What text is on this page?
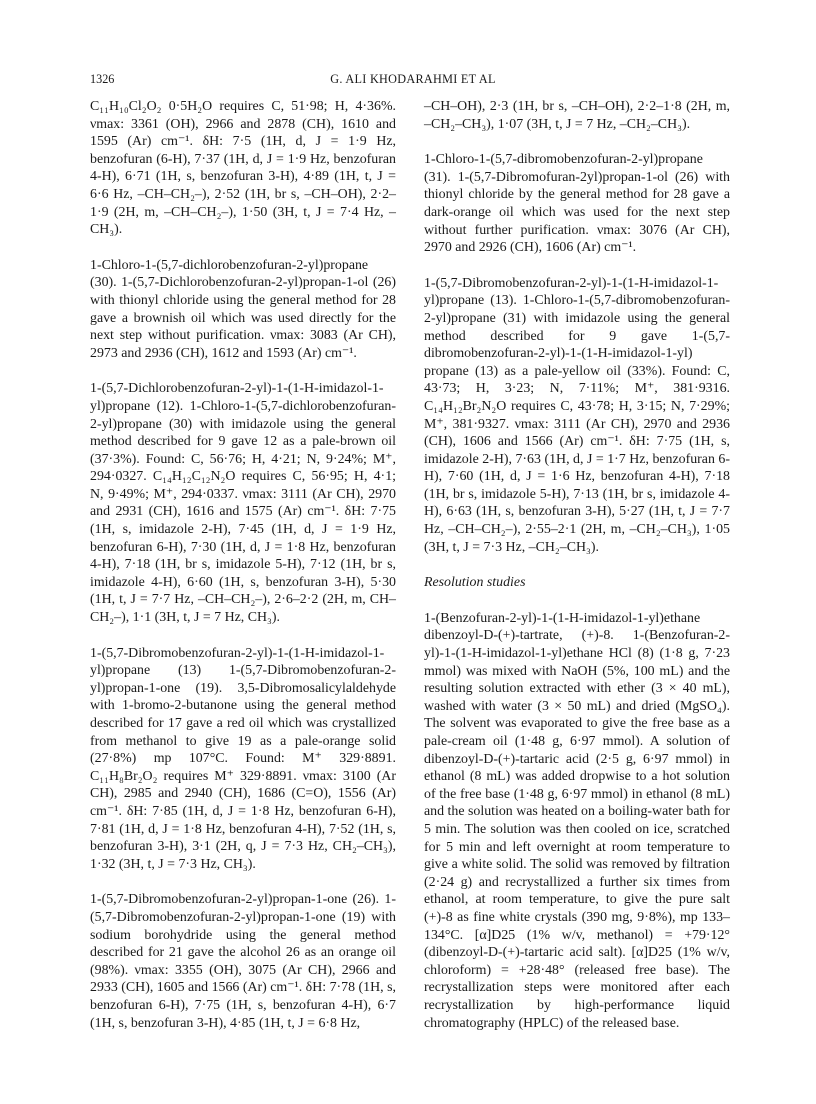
1326	G. ALI KHODARAHMI ET AL

C₁₁H₁₀Cl₂O₂ 0·5H₂O requires C, 51·98; H, 4·36%. νmax: 3361 (OH), 2966 and 2878 (CH), 1610 and 1595 (Ar) cm⁻¹. δH: 7·5 (1H, d, J = 1·9 Hz, benzofuran (6-H), 7·37 (1H, d, J = 1·9 Hz, benzofuran 4-H), 6·71 (1H, s, benzofuran 3-H), 4·89 (1H, t, J = 6·6 Hz, –CH–CH₂–), 2·52 (1H, br s, –CH–OH), 2·2–1·9 (2H, m, –CH–CH₂–), 1·50 (3H, t, J = 7·4 Hz, –CH₃).

1-Chloro-1-(5,7-dichlorobenzofuran-2-yl)propane (30). 1-(5,7-Dichlorobenzofuran-2-yl)propan-1-ol (26) with thionyl chloride using the general method for 28 gave a brownish oil which was used directly for the next step without purification. νmax: 3083 (Ar CH), 2973 and 2936 (CH), 1612 and 1593 (Ar) cm⁻¹.

1-(5,7-Dichlorobenzofuran-2-yl)-1-(1-H-imidazol-1-yl)propane (12). 1-Chloro-1-(5,7-dichlorobenzofuran-2-yl)propane (30) with imidazole using the general method described for 9 gave 12 as a pale-brown oil (37·3%). Found: C, 56·76; H, 4·21; N, 9·24%; M⁺, 294·0327. C₁₄H₁₂C₁₂N₂O requires C, 56·95; H, 4·1; N, 9·49%; M⁺, 294·0337. νmax: 3111 (Ar CH), 2970 and 2931 (CH), 1616 and 1575 (Ar) cm⁻¹. δH: 7·75 (1H, s, imidazole 2-H), 7·45 (1H, d, J = 1·9 Hz, benzofuran 6-H), 7·30 (1H, d, J = 1·8 Hz, benzofuran 4-H), 7·18 (1H, br s, imidazole 5-H), 7·12 (1H, br s, imidazole 4-H), 6·60 (1H, s, benzofuran 3-H), 5·30 (1H, t, J = 7·7 Hz, –CH–CH₂–), 2·6–2·2 (2H, m, CH–CH₂–), 1·1 (3H, t, J = 7 Hz, CH₃).

1-(5,7-Dibromobenzofuran-2-yl)-1-(1-H-imidazol-1-yl)propane (13) 1-(5,7-Dibromobenzofuran-2-yl)propan-1-one (19). 3,5-Dibromosalicylaldehyde with 1-bromo-2-butanone using the general method described for 17 gave a red oil which was crystallized from methanol to give 19 as a pale-orange solid (27·8%) mp 107°C. Found: M⁺ 329·8891. C₁₁H₈Br₂O₂ requires M⁺ 329·8891. νmax: 3100 (Ar CH), 2985 and 2940 (CH), 1686 (C=O), 1556 (Ar) cm⁻¹. δH: 7·85 (1H, d, J = 1·8 Hz, benzofuran 6-H), 7·81 (1H, d, J = 1·8 Hz, benzofuran 4-H), 7·52 (1H, s, benzofuran 3-H), 3·1 (2H, q, J = 7·3 Hz, CH₂–CH₃), 1·32 (3H, t, J = 7·3 Hz, CH₃).

1-(5,7-Dibromobenzofuran-2-yl)propan-1-one (26). 1-(5,7-Dibromobenzofuran-2-yl)propan-1-one (19) with sodium borohydride using the general method described for 21 gave the alcohol 26 as an orange oil (98%). νmax: 3355 (OH), 3075 (Ar CH), 2966 and 2933 (CH), 1605 and 1566 (Ar) cm⁻¹. δH: 7·78 (1H, s, benzofuran 6-H), 7·75 (1H, s, benzofuran 4-H), 6·7 (1H, s, benzofuran 3-H), 4·85 (1H, t, J = 6·8 Hz,

–CH–OH), 2·3 (1H, br s, –CH–OH), 2·2–1·8 (2H, m, –CH₂–CH₃), 1·07 (3H, t, J = 7 Hz, –CH₂–CH₃).

1-Chloro-1-(5,7-dibromobenzofuran-2-yl)propane (31). 1-(5,7-Dibromofuran-2yl)propan-1-ol (26) with thionyl chloride by the general method for 28 gave a dark-orange oil which was used for the next step without further purification. νmax: 3076 (Ar CH), 2970 and 2926 (CH), 1606 (Ar) cm⁻¹.

1-(5,7-Dibromobenzofuran-2-yl)-1-(1-H-imidazol-1-yl)propane (13). 1-Chloro-1-(5,7-dibromobenzofuran-2-yl)propane (31) with imidazole using the general method described for 9 gave 1-(5,7-dibromobenzofuran-2-yl)-1-(1-H-imidazol-1-yl) propane (13) as a pale-yellow oil (33%). Found: C, 43·73; H, 3·23; N, 7·11%; M⁺, 381·9316. C₁₄H₁₂Br₂N₂O requires C, 43·78; H, 3·15; N, 7·29%; M⁺, 381·9327. νmax: 3111 (Ar CH), 2970 and 2936 (CH), 1606 and 1566 (Ar) cm⁻¹. δH: 7·75 (1H, s, imidazole 2-H), 7·63 (1H, d, J = 1·7 Hz, benzofuran 6-H), 7·60 (1H, d, J = 1·6 Hz, benzofuran 4-H), 7·18 (1H, br s, imidazole 5-H), 7·13 (1H, br s, imidazole 4-H), 6·63 (1H, s, benzofuran 3-H), 5·27 (1H, t, J = 7·7 Hz, –CH–CH₂–), 2·55–2·1 (2H, m, –CH₂–CH₃), 1·05 (3H, t, J = 7·3 Hz, –CH₂–CH₃).

Resolution studies

1-(Benzofuran-2-yl)-1-(1-H-imidazol-1-yl)ethane dibenzoyl-D-(+)-tartrate, (+)-8. 1-(Benzofuran-2-yl)-1-(1-H-imidazol-1-yl)ethane HCl (8) (1·8 g, 7·23 mmol) was mixed with NaOH (5%, 100 mL) and the resulting solution extracted with ether (3 × 40 mL), washed with water (3 × 50 mL) and dried (MgSO₄). The solvent was evaporated to give the free base as a pale-cream oil (1·48 g, 6·97 mmol). A solution of dibenzoyl-D-(+)-tartaric acid (2·5 g, 6·97 mmol) in ethanol (8 mL) was added dropwise to a hot solution of the free base (1·48 g, 6·97 mmol) in ethanol (8 mL) and the solution was heated on a boiling-water bath for 5 min. The solution was then cooled on ice, scratched for 5 min and left overnight at room temperature to give a white solid. The solid was removed by filtration (2·24 g) and recrystallized a further six times from ethanol, at room temperature, to give the pure salt (+)-8 as fine white crystals (390 mg, 9·8%), mp 133–134°C. [α]D25 (1% w/v, methanol) = +79·12° (dibenzoyl-D-(+)-tartaric acid salt). [α]D25 (1% w/v, chloroform) = +28·48° (released free base). The recrystallization steps were monitored after each recrystallization by high-performance liquid chromatography (HPLC) of the released base.
